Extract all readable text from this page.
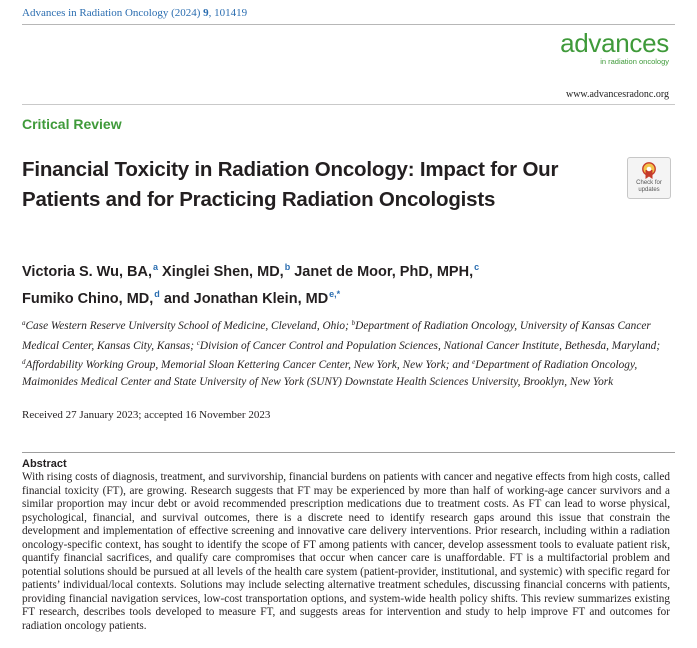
Advances in Radiation Oncology (2024) 9, 101419
advances
in radiation oncology
www.advancesradonc.org
Critical Review
Financial Toxicity in Radiation Oncology: Impact for Our Patients and for Practicing Radiation Oncologists
Check for
updates
Victoria S. Wu, BA,$^a$ Xinglei Shen, MD,$^b$ Janet de Moor, PhD, MPH,$^c$
Fumiko Chino, MD,$^d$ and Jonathan Klein, $MD^{e,*}$
$^a$Case Western Reserve University School of Medicine, Cleveland, Ohio; $^b$Department of Radiation Oncology, University of Kansas Cancer Medical Center, Kansas City, Kansas; $^c$Division of Cancer Control and Population Sciences, National Cancer Institute, Bethesda, Maryland; $^d$Affordability Working Group, Memorial Sloan Kettering Cancer Center, New York, New York; and $^e$Department of Radiation Oncology, Maimonides Medical Center and State University of New York (SUNY) Downstate Health Sciences University, Brooklyn, New York
Received 27 January 2023; accepted 16 November 2023
Abstract
With rising costs of diagnosis, treatment, and survivorship, financial burdens on patients with cancer and negative effects from high costs, called financial toxicity (FT), are growing. Research suggests that FT may be experienced by more than half of working-age cancer survivors and a similar proportion may incur debt or avoid recommended prescription medications due to treatment costs. As FT can lead to worse physical, psychological, financial, and survival outcomes, there is a discrete need to identify research gaps around this issue that constrain the development and implementation of effective screening and innovative care delivery interventions. Prior research, including within a radiation oncology-specific context, has sought to identify the scope of FT among patients with cancer, develop assessment tools to evaluate patient risk, quantify financial sacrifices, and qualify care compromises that occur when cancer care is unaffordable. FT is a multifactorial problem and potential solutions should be pursued at all levels of the health care system (patient-provider, institutional, and systemic) with specific regard for patients’ individual/local contexts. Solutions may include selecting alternative treatment schedules, discussing financial concerns with patients, providing financial navigation services, low-cost transportation options, and system-wide health policy shifts. This review summarizes existing FT research, describes tools developed to measure FT, and suggests areas for intervention and study to help improve FT and outcomes for radiation oncology patients.
